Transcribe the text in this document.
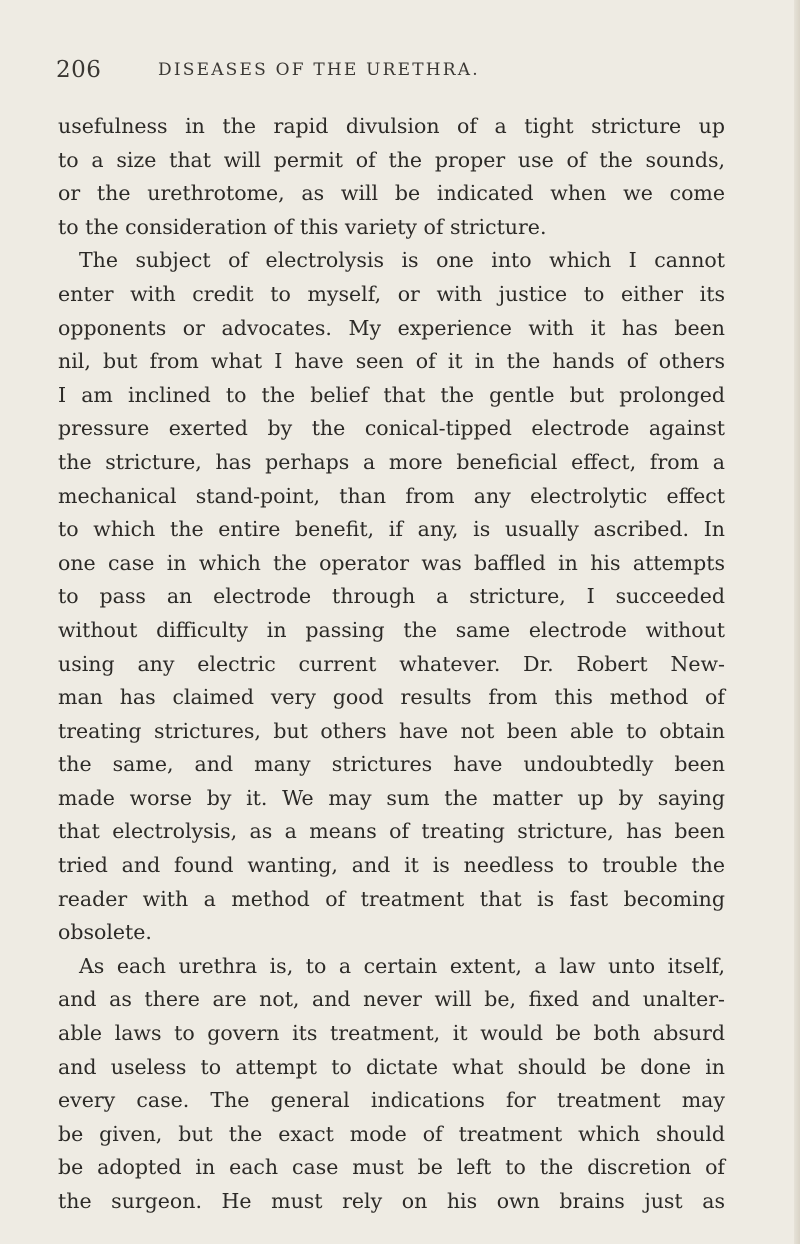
206	DISEASES OF THE URETHRA.
usefulness in the rapid divulsion of a tight stricture up
to a size that will permit of the proper use of the sounds,
or the urethrotome, as will be indicated when we come
to the consideration of this variety of stricture.
The subject of electrolysis is one into which I cannot
enter with credit to myself, or with justice to either its
opponents or advocates. My experience with it has been
nil, but from what I have seen of it in the hands of others
I am inclined to the belief that the gentle but prolonged
pressure exerted by the conical-tipped electrode against
the stricture, has perhaps a more beneficial effect, from a
mechanical stand-point, than from any electrolytic effect
to which the entire benefit, if any, is usually ascribed. In
one case in which the operator was baffled in his attempts
to pass an electrode through a stricture, I succeeded
without difficulty in passing the same electrode without
using any electric current whatever. Dr. Robert New-
man has claimed very good results from this method of
treating strictures, but others have not been able to obtain
the same, and many strictures have undoubtedly been
made worse by it. We may sum the matter up by saying
that electrolysis, as a means of treating stricture, has been
tried and found wanting, and it is needless to trouble the
reader with a method of treatment that is fast becoming
obsolete.
As each urethra is, to a certain extent, a law unto itself,
and as there are not, and never will be, fixed and unalter-
able laws to govern its treatment, it would be both absurd
and useless to attempt to dictate what should be done in
every case. The general indications for treatment may
be given, but the exact mode of treatment which should
be adopted in each case must be left to the discretion of
the surgeon. He must rely on his own brains just as
